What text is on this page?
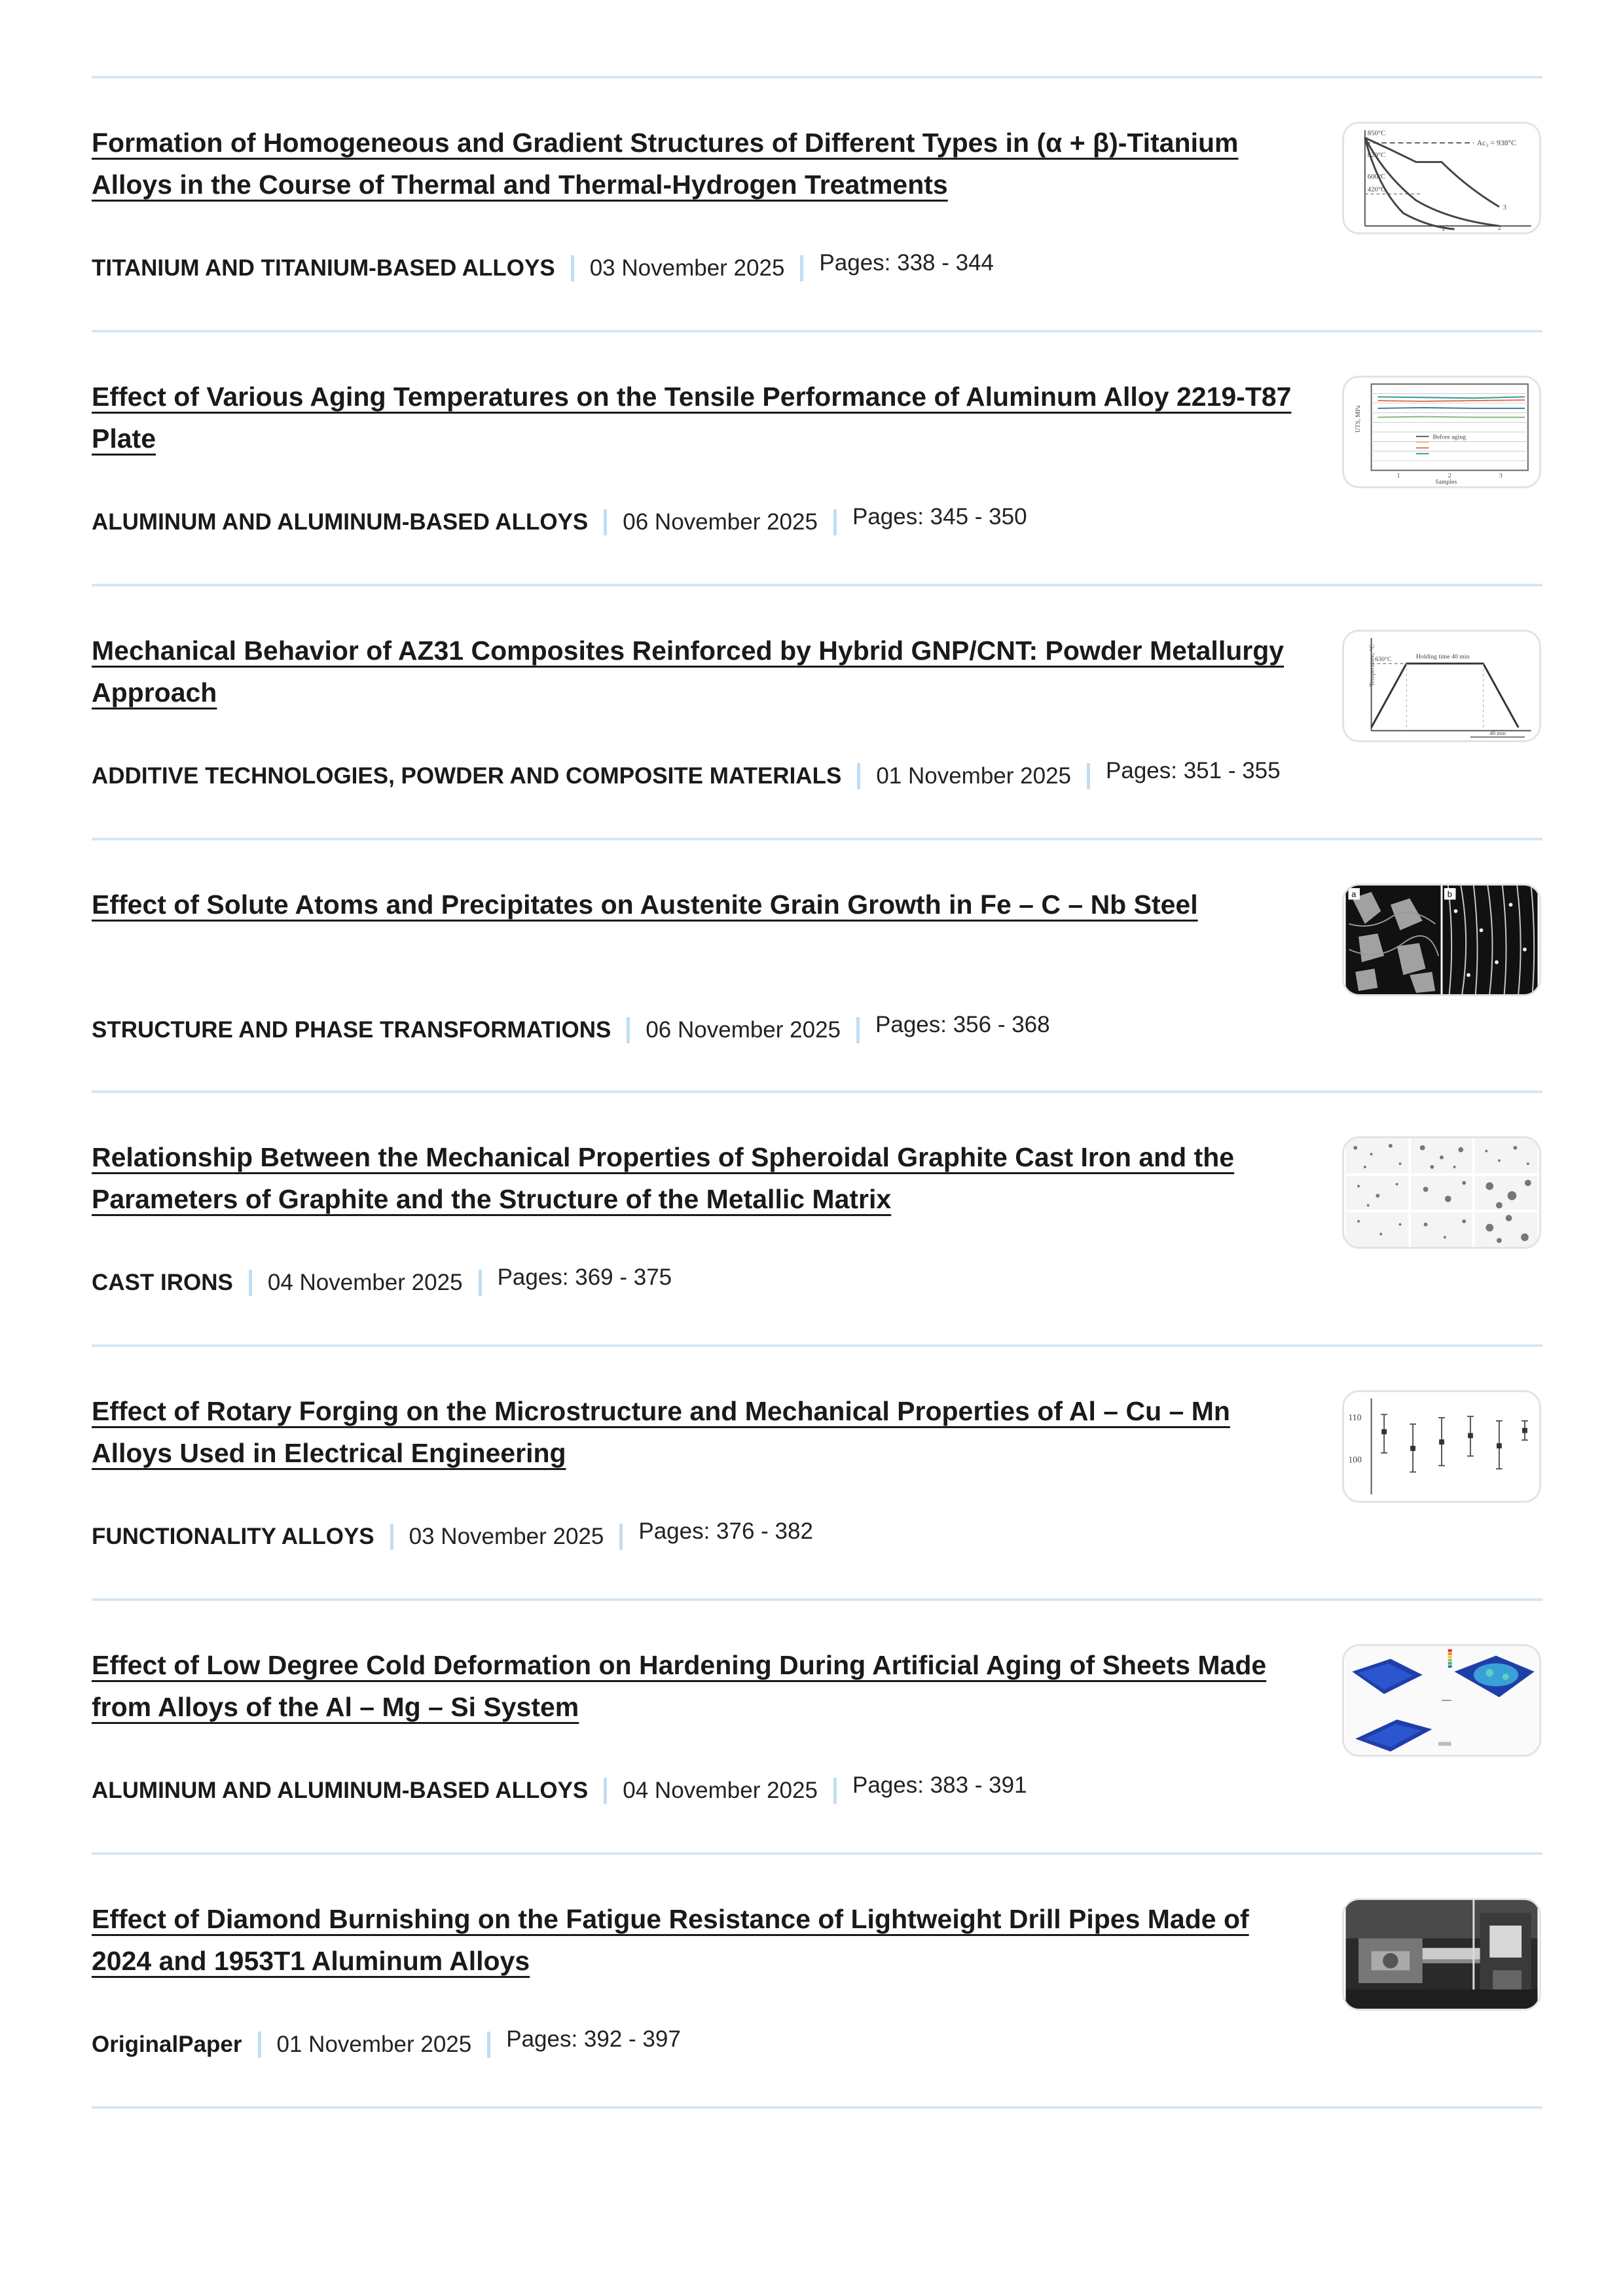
Formation of Homogeneous and Gradient Structures of Different Types in (α + β)-Titanium Alloys in the Course of Thermal and Thermal-Hydrogen Treatments
TITANIUM AND TITANIUM-BASED ALLOYS 03 November 2025 Pages: 338 - 344
850°C
820°C
600°C
420°C
Ac₃ = 938°C
1	2
3
Effect of Various Aging Temperatures on the Tensile Performance of Aluminum Alloy 2219-T87 Plate
ALUMINUM AND ALUMINUM-BASED ALLOYS 06 November 2025 Pages: 345 - 350
Before aging
UTS, MPa
Samples
1	2	3
Mechanical Behavior of AZ31 Composites Reinforced by Hybrid GNP/CNT: Powder Metallurgy Approach
ADDITIVE TECHNOLOGIES, POWDER AND COMPOSITE MATERIALS 01 November 2025 Pages: 351 - 355
Temperature, °C	Holding time 40 min
630°C
40 min
Effect of Solute Atoms and Precipitates on Austenite Grain Growth in Fe – C – Nb Steel
STRUCTURE AND PHASE TRANSFORMATIONS 06 November 2025 Pages: 356 - 368
a	b
Relationship Between the Mechanical Properties of Spheroidal Graphite Cast Iron and the Parameters of Graphite and the Structure of the Metallic Matrix
CAST IRONS 04 November 2025 Pages: 369 - 375
Effect of Rotary Forging on the Microstructure and Mechanical Properties of Al – Cu – Mn Alloys Used in Electrical Engineering
FUNCTIONALITY ALLOYS 03 November 2025 Pages: 376 - 382
110
100
Effect of Low Degree Cold Deformation on Hardening During Artificial Aging of Sheets Made from Alloys of the Al – Mg – Si System
ALUMINUM AND ALUMINUM-BASED ALLOYS 04 November 2025 Pages: 383 - 391
Effect of Diamond Burnishing on the Fatigue Resistance of Lightweight Drill Pipes Made of 2024 and 1953T1 Aluminum Alloys
OriginalPaper 01 November 2025 Pages: 392 - 397
